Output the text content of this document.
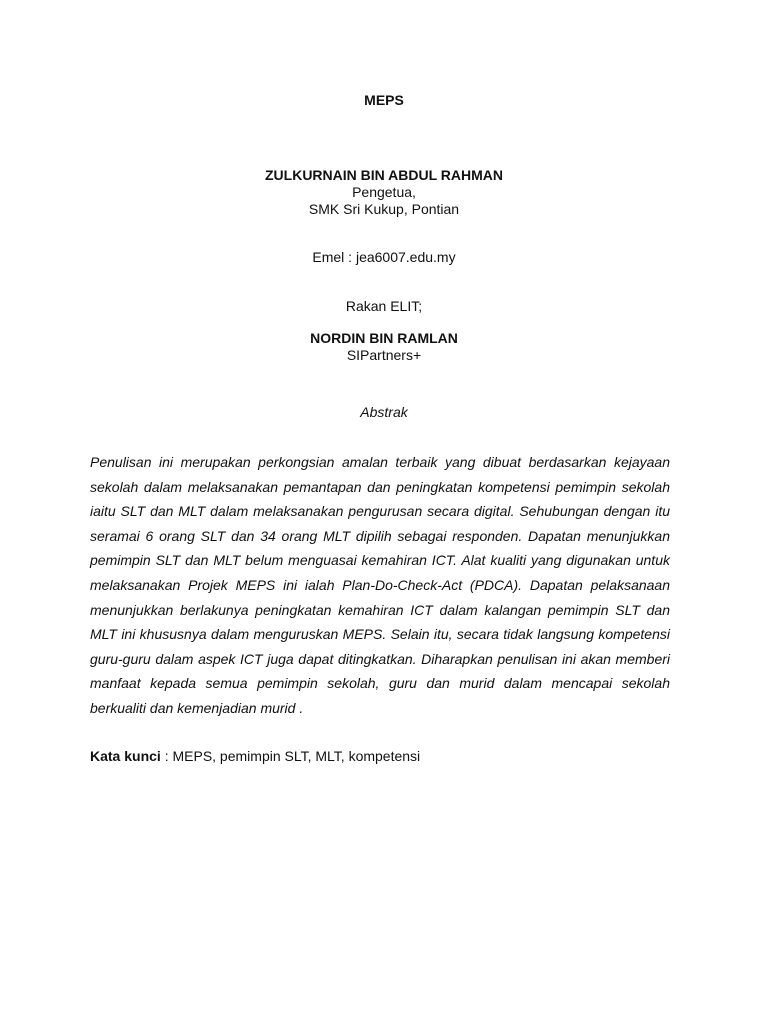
MEPS
ZULKURNAIN BIN ABDUL RAHMAN
Pengetua,
SMK Sri Kukup, Pontian
Emel : jea6007.edu.my
Rakan ELIT;
NORDIN BIN RAMLAN
SIPartners+
Abstrak

Penulisan ini merupakan perkongsian amalan terbaik yang dibuat berdasarkan kejayaan sekolah dalam melaksanakan pemantapan dan peningkatan kompetensi pemimpin sekolah iaitu SLT dan MLT dalam melaksanakan pengurusan secara digital. Sehubungan dengan itu seramai 6 orang SLT dan 34 orang MLT dipilih sebagai responden. Dapatan menunjukkan pemimpin SLT dan MLT belum menguasai kemahiran ICT. Alat kualiti yang digunakan untuk melaksanakan Projek MEPS ini ialah Plan-Do-Check-Act (PDCA). Dapatan pelaksanaan menunjukkan berlakunya peningkatan kemahiran ICT dalam kalangan pemimpin SLT dan MLT ini khususnya dalam menguruskan MEPS. Selain itu, secara tidak langsung kompetensi guru-guru dalam aspek ICT juga dapat ditingkatkan. Diharapkan penulisan ini akan memberi manfaat kepada semua pemimpin sekolah, guru dan murid dalam mencapai sekolah berkualiti dan kemenjadian murid .

Kata kunci : MEPS, pemimpin SLT, MLT, kompetensi
